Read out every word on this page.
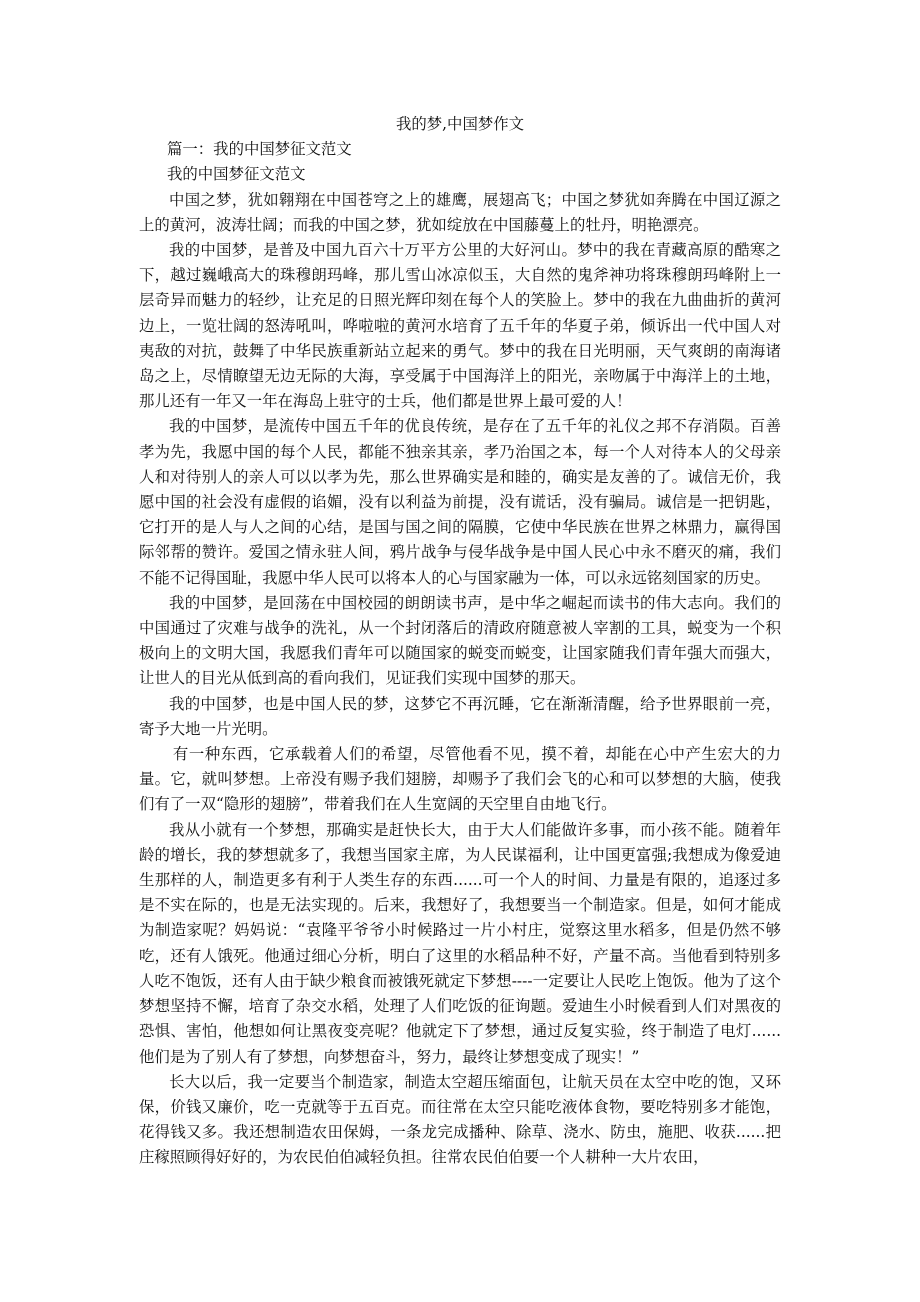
我的梦,中国梦作文
篇一：我的中国梦征文范文
我的中国梦征文范文

中国之梦，犹如翱翔在中国苍穹之上的雄鹰，展翅高飞；中国之梦犹如奔腾在中国辽源之上的黄河，波涛壮阔；而我的中国之梦，犹如绽放在中国藤蔓上的牡丹，明艳漂亮。

我的中国梦，是普及中国九百六十万平方公里的大好河山。梦中的我在青藏高原的酷寒之下，越过巍峨高大的珠穆朗玛峰，那儿雪山冰凉似玉，大自然的鬼斧神功将珠穆朗玛峰附上一层奇异而魅力的轻纱，让充足的日照光辉印刻在每个人的笑脸上。梦中的我在九曲曲折的黄河边上，一览壮阔的怒涛吼叫，哗啦啦的黄河水培育了五千年的华夏子弟，倾诉出一代中国人对夷敌的对抗，鼓舞了中华民族重新站立起来的勇气。梦中的我在日光明丽，天气爽朗的南海诸岛之上，尽情瞭望无边无际的大海，享受属于中国海洋上的阳光，亲吻属于中海洋上的土地，那儿还有一年又一年在海岛上驻守的士兵，他们都是世界上最可爱的人！

我的中国梦，是流传中国五千年的优良传统，是存在了五千年的礼仪之邦不存消陨。百善孝为先，我愿中国的每个人民，都能不独亲其亲，孝乃治国之本，每一个人对待本人的父母亲人和对待别人的亲人可以以孝为先，那么世界确实是和睦的，确实是友善的了。诚信无价，我愿中国的社会没有虚假的谄媚，没有以利益为前提，没有谎话，没有骗局。诚信是一把钥匙，它打开的是人与人之间的心结，是国与国之间的隔膜，它使中华民族在世界之林鼎力，赢得国际邻帮的赞许。爱国之情永驻人间，鸦片战争与侵华战争是中国人民心中永不磨灭的痛，我们不能不记得国耻，我愿中华人民可以将本人的心与国家融为一体，可以永远铭刻国家的历史。

我的中国梦，是回荡在中国校园的朗朗读书声，是中华之崛起而读书的伟大志向。我们的中国通过了灾难与战争的洗礼，从一个封闭落后的清政府随意被人宰割的工具，蜕变为一个积极向上的文明大国，我愿我们青年可以随国家的蜕变而蜕变，让国家随我们青年强大而强大，让世人的目光从低到高的看向我们，见证我们实现中国梦的那天。

我的中国梦，也是中国人民的梦，这梦它不再沉睡，它在渐渐清醒，给予世界眼前一亮，寄予大地一片光明。

有一种东西，它承载着人们的希望，尽管他看不见，摸不着，却能在心中产生宏大的力量。它，就叫梦想。上帝没有赐予我们翅膀，却赐予了我们会飞的心和可以梦想的大脑，使我们有了一双“隐形的翅膀”，带着我们在人生宽阔的天空里自由地飞行。

我从小就有一个梦想，那确实是赶快长大，由于大人们能做许多事，而小孩不能。随着年龄的增长，我的梦想就多了，我想当国家主席，为人民谋福利，让中国更富强;我想成为像爱迪生那样的人，制造更多有利于人类生存的东西......可一个人的时间、力量是有限的，追逐过多是不实在际的，也是无法实现的。后来，我想好了，我想要当一个制造家。但是，如何才能成为制造家呢？妈妈说：“袁隆平爷爷小时候路过一片小村庄，觉察这里水稻多，但是仍然不够吃，还有人饿死。他通过细心分析，明白了这里的水稻品种不好，产量不高。当他看到特别多人吃不饱饭，还有人由于缺少粮食而被饿死就定下梦想----一定要让人民吃上饱饭。他为了这个梦想坚持不懈，培育了杂交水稻，处理了人们吃饭的征询题。爱迪生小时候看到人们对黑夜的恐惧、害怕，他想如何让黑夜变亮呢？他就定下了梦想，通过反复实验，终于制造了电灯......他们是为了别人有了梦想，向梦想奋斗，努力，最终让梦想变成了现实！”

长大以后，我一定要当个制造家，制造太空超压缩面包，让航天员在太空中吃的饱，又环保，价钱又廉价，吃一克就等于五百克。而往常在太空只能吃液体食物，要吃特别多才能饱，花得钱又多。我还想制造农田保姆，一条龙完成播种、除草、浇水、防虫，施肥、收获......把庄稼照顾得好好的，为农民伯伯减轻负担。往常农民伯伯要一个人耕种一大片农田，
